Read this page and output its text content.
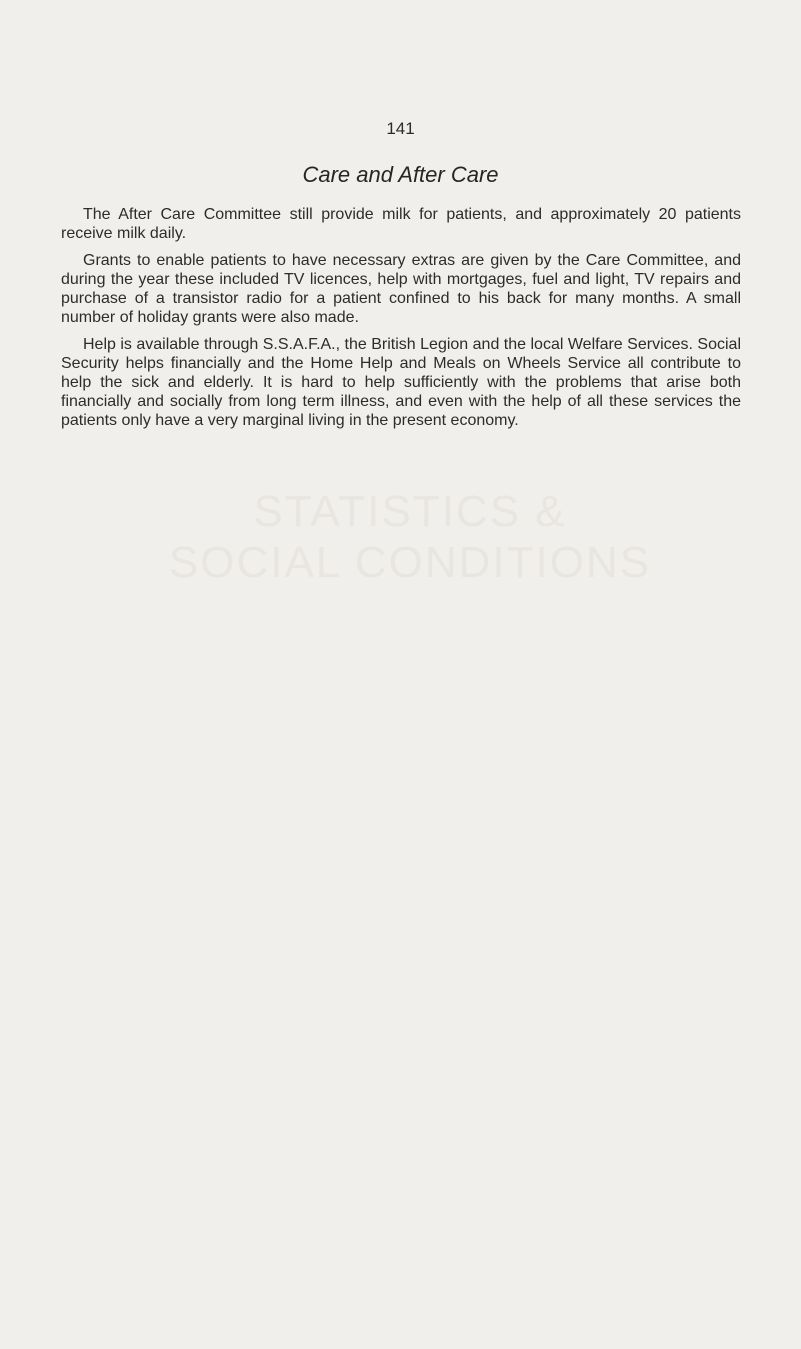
STATISTICS &
SOCIAL CONDITIONS
141
Care and After Care

The After Care Committee still provide milk for patients, and approximately 20 patients receive milk daily.

Grants to enable patients to have necessary extras are given by the Care Committee, and during the year these included TV licences, help with mortgages, fuel and light, TV repairs and purchase of a transistor radio for a patient confined to his back for many months. A small number of holiday grants were also made.

Help is available through S.S.A.F.A., the British Legion and the local Welfare Services. Social Security helps financially and the Home Help and Meals on Wheels Service all contribute to help the sick and elderly. It is hard to help sufficiently with the problems that arise both financially and socially from long term illness, and even with the help of all these services the patients only have a very marginal living in the present economy.
